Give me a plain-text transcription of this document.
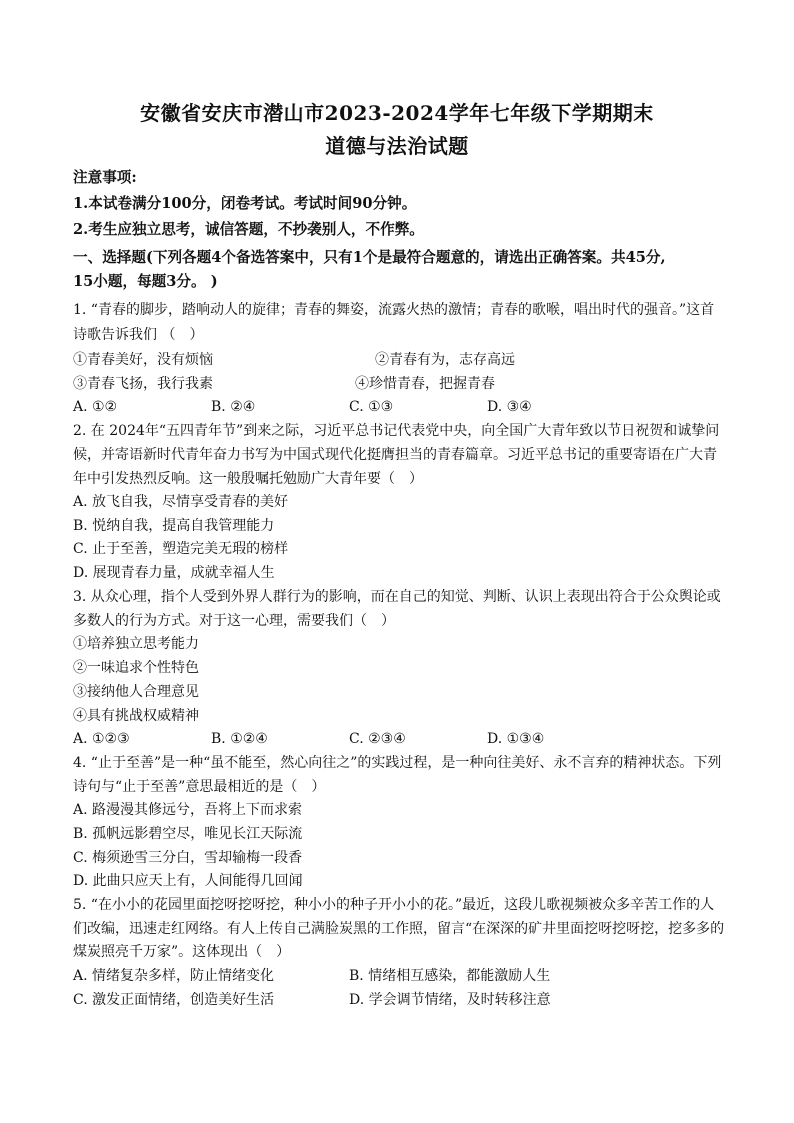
安徽省安庆市潜山市2023-2024学年七年级下学期期末
道德与法治试题
注意事项:
1.本试卷满分100分，闭卷考试。考试时间90分钟。
2.考生应独立思考，诚信答题，不抄袭别人，不作弊。
一、选择题(下列各题4个备选答案中，只有1个是最符合题意的，请选出正确答案。共45分,
15小题，每题3分。 )
1. “青春的脚步，踏响动人的旋律；青春的舞姿，流露火热的激情；青春的歌喉，唱出时代的强音。”这首
诗歌告诉我们 （　）
①青春美好，没有烦恼	②青春有为，志存高远
③青春飞扬，我行我素	④珍惜青春，把握青春
A. ①②	B. ②④	C. ①③	D. ③④
2. 在 2024年“五四青年节”到来之际，习近平总书记代表党中央，向全国广大青年致以节日祝贺和诚挚问
候，并寄语新时代青年奋力书写为中国式现代化挺膺担当的青春篇章。习近平总书记的重要寄语在广大青
年中引发热烈反响。这一般殷嘱托勉励广大青年要（　）
A. 放飞自我，尽情享受青春的美好
B. 悦纳自我，提高自我管理能力
C. 止于至善，塑造完美无瑕的榜样
D. 展现青春力量，成就幸福人生
3. 从众心理，指个人受到外界人群行为的影响，而在自己的知觉、判断、认识上表现出符合于公众舆论或
多数人的行为方式。对于这一心理，需要我们（　）
①培养独立思考能力
②一味追求个性特色
③接纳他人合理意见
④具有挑战权威精神
A. ①②③	B. ①②④	C. ②③④	D. ①③④
4. “止于至善”是一种“虽不能至，然心向往之”的实践过程，是一种向往美好、永不言弃的精神状态。下列
诗句与“止于至善”意思最相近的是（　）
A. 路漫漫其修远兮，吾将上下而求索
B. 孤帆远影碧空尽，唯见长江天际流
C. 梅须逊雪三分白，雪却输梅一段香
D. 此曲只应天上有，人间能得几回闻
5. “在小小的花园里面挖呀挖呀挖，种小小的种子开小小的花。”最近，这段儿歌视频被众多辛苦工作的人
们改编，迅速走红网络。有人上传自己满脸炭黑的工作照，留言“在深深的矿井里面挖呀挖呀挖，挖多多的
煤炭照亮千万家”。这体现出（　）
A. 情绪复杂多样，防止情绪变化	B. 情绪相互感染，都能激励人生
C. 激发正面情绪，创造美好生活	D. 学会调节情绪，及时转移注意
